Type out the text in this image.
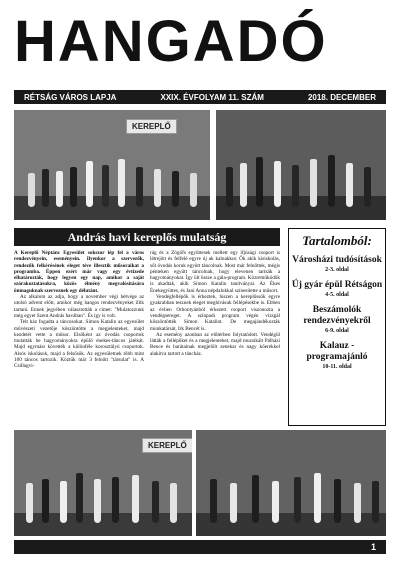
HANGADÓ
RÉTSÁG VÁROS LAPJA	XXIX. ÉVFOLYAM 11. SZÁM	2018. DECEMBER
KEREPLŐ
András havi kereplős mulatság

A Kereplő Néptánc Egyesület sokszor lép fel a város rendezvényein, eseményein. Ilyenkor a szervezők, rendezők felkérésének eleget téve illesztik műsoraikat a programba. Éppen ezért már vagy egy évtizede elhatározták, hogy legyen egy nap, amikor a saját szórakoztatásukra, közös élmény megvalósítására önmaguknak szerveznek egy délutánt.

Az alkalom az adja, hogy a november végi hétvége az utolsó advent előtt, amikor még hangos rendezvényeket illik tartani. Ennek jegyében választották a címet: "Mulatozzunk még egyet Szent András havában". És így is volt.

Telt ház fogadta a táncosokat. Simon Katalin az egyesület művészeti vezetője köszöntötte a megjelenteket, majd kezdetét vette a műsor. Elsőként az óvodás csoportok mutatták be hagyományokra épülő énekes-táncos játékát. Majd egymást követték a különféle korosztályú csoportok. Alsós iskolások, majd a felsősök. Az egyesületnek több mint 100 táncos tartozik. Köztük már 3 felnőtt "társulat" is. A Csillagvi-

rág és a Zögöfs együttesek mellett egy ifjúsági csoport is létrejött és felfelé egyre új ak kalnakkor. Ők akik kisiskolás, sőt óvodás koruk együtt táncolnak. Most már felnőttek, mégis pénteken együtt táncolnak, hogy elevenen tartsák a hagyományokat. Így ült össze a gála-program. Közreműködők is akadtak, akik Simon Katalin tanítványai. Az Ékes Énekegyüttes, és Jani Anna népdalokkal színesítette a műsort.

Vendégfellépők is érkeztek, hiszen a kereplőssök egyre gyakrabban tesznek eleget meghívásuk fellépésekbe is. Ebben az évben Orhontyánból érkezett csoport viszonozta a vendégsereget. A színpadi program végén vizsgál köszöntötték Simon Katalint. De megajándékozták munkatársát, Irk Bencét is.

Az esemény azonban az előtérben folytatódott. Vendégül látták a fellépőket és a megjelenteket, majd muzsikált Pálházi Bence és barátainak megjelölt zenekar és nagy kőerekkel alakítva tartott a táncház.

Tartalomból:
Városházi tudósítások
2-3. oldal
Új gyár épül Rétságon
4-5. oldal
Beszámolók rendezvényekről
6-9. oldal
Kalauz - programajánló
10-11. oldal
KEREPLŐ
1
